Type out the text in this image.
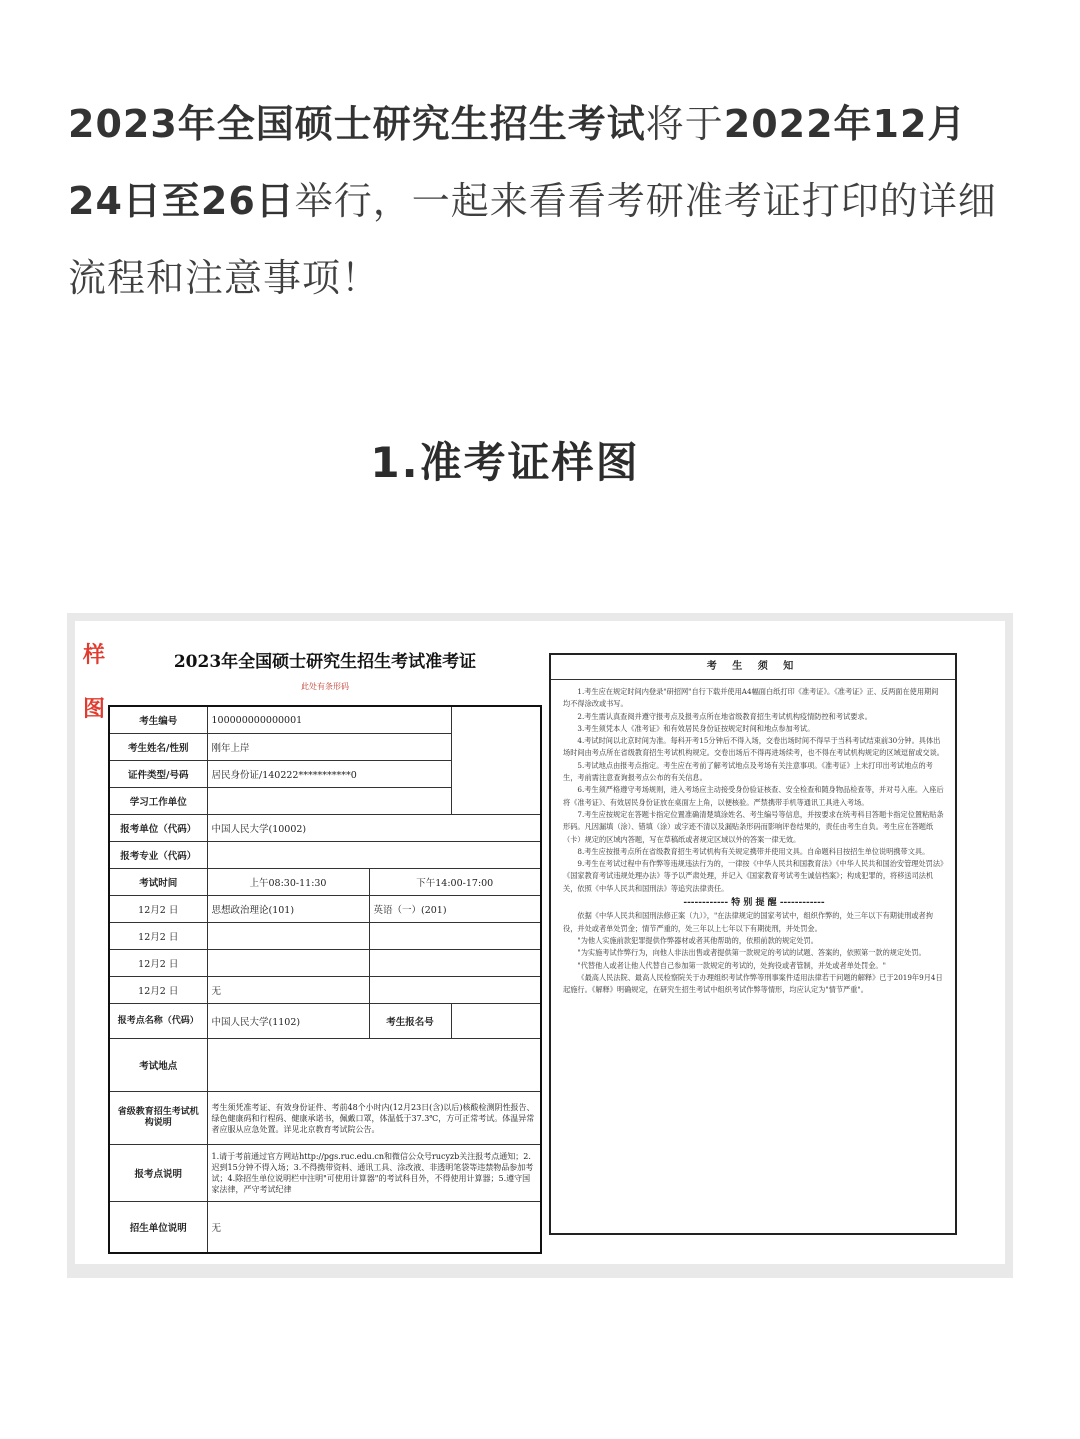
2023年全国硕士研究生招生考试将于2022年12月24日至26日举行，一起来看看考研准考证打印的详细流程和注意事项！
1.准考证样图
样图
2023年全国硕士研究生招生考试准考证
此处有条形码
考生编号	100000000000001		
考生姓名/性别	刚年上岸		
证件类型/号码	居民身份证/140222***********0		
学习工作单位			
报考单位（代码）	中国人民大学(10002)		
报考专业（代码）			
考试时间	上午08:30-11:30	下午14:00-17:00	
12月2 日	思想政治理论(101)	英语（一）(201)	
12月2 日			
12月2 日			
12月2 日	无		
报考点名称（代码）	中国人民大学(1102)	考生报名号	
考试地点			
省级教育招生考试机构说明	考生须凭准考证、有效身份证件、考前48个小时内(12月23日(含)以后)核酸检测阴性报告、绿色健康码和行程码、健康承诺书，佩戴口罩，体温低于37.3℃，方可正常考试。体温异常者应服从应急处置。详见北京教育考试院公告。		
报考点说明	1.请于考前通过官方网站http://pgs.ruc.edu.cn和微信公众号rucyzb关注报考点通知；2.迟到15分钟不得入场；3.不得携带资料、通讯工具、涂改液、非透明笔袋等违禁物品参加考试；4.除招生单位说明栏中注明"可使用计算器"的考试科目外，不得使用计算器；5.遵守国家法律，严守考试纪律		
招生单位说明	无		
考 生 须 知

1.考生应在规定时间内登录"研招网"自行下载并使用A4幅面白纸打印《准考证》。《准考证》正、反两面在使用期间均不得涂改或书写。

2.考生需认真查阅并遵守报考点及报考点所在地省级教育招生考试机构疫情防控和考试要求。

3.考生须凭本人《准考证》和有效居民身份证按规定时间和地点参加考试。

4.考试时间以北京时间为准。每科开考15分钟后不得入场，交卷出场时间不得早于当科考试结束前30分钟。具体出场时间由考点所在省级教育招生考试机构规定。交卷出场后不得再进场续考，也不得在考试机构规定的区域逗留或交谈。

5.考试地点由报考点指定。考生应在考前了解考试地点及考场有关注意事项。《准考证》上未打印出考试地点的考生，考前需注意查询报考点公布的有关信息。

6.考生须严格遵守考场规则，进入考场应主动接受身份验证核查、安全检查和随身物品检查等，并对号入座。入座后将《准考证》、有效居民身份证放在桌面左上角，以便核验。严禁携带手机等通讯工具进入考场。

7.考生应按规定在答题卡指定位置准确清楚填涂姓名、考生编号等信息，并按要求在统考科目答题卡指定位置粘贴条形码。凡因漏填（涂）、错填（涂）或字迹不清以及漏贴条形码而影响评卷结果的，责任由考生自负。考生应在答题纸（卡）规定的区域内答题，写在草稿纸或者规定区域以外的答案一律无效。

8.考生应按报考点所在省级教育招生考试机构有关规定携带并使用文具。自命题科目按招生单位说明携带文具。

9.考生在考试过程中有作弊等违规违法行为的，一律按《中华人民共和国教育法》《中华人民共和国治安管理处罚法》《国家教育考试违规处理办法》等予以严肃处理，并记入《国家教育考试考生诚信档案》；构成犯罪的，将移送司法机关，依照《中华人民共和国刑法》等追究法律责任。

------------ 特 别 提 醒 ------------

依据《中华人民共和国刑法修正案（九）》，"在法律规定的国家考试中，组织作弊的，处三年以下有期徒刑或者拘役，并处或者单处罚金；情节严重的，处三年以上七年以下有期徒刑，并处罚金。

"为他人实施前款犯罪提供作弊器材或者其他帮助的，依照前款的规定处罚。

"为实施考试作弊行为，向他人非法出售或者提供第一款规定的考试的试题、答案的，依照第一款的规定处罚。

"代替他人或者让他人代替自己参加第一款规定的考试的，处拘役或者管制，并处或者单处罚金。"

《最高人民法院、最高人民检察院关于办理组织考试作弊等刑事案件适用法律若干问题的解释》已于2019年9月4日起施行。《解释》明确规定，在研究生招生考试中组织考试作弊等情形，均应认定为"情节严重"。
